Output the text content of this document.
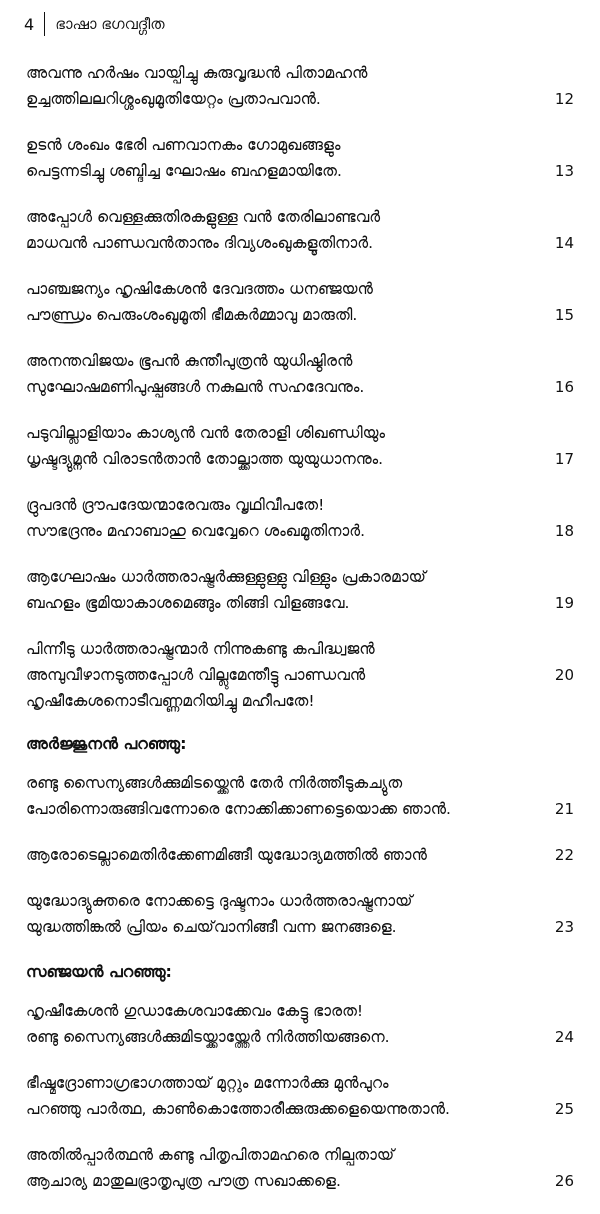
4 ഭാഷാ ഭഗവദ്ഗീത
അവന്നു ഹർഷം വായ്പിച്ചു കുരുവൃദ്ധൻ പിതാമഹൻ
ഉച്ചത്തിലലറിശ്ശംഖുമൂതിയേറ്റം പ്രതാപവാൻ.	12
ഉടൻ ശംഖം ഭേരി പണവാനകം ഗോമുഖങ്ങളും
പെട്ടന്നടിച്ചു ശബ്ദിച്ച ഘോഷം ബഹളമായിതേ.	13
അപ്പോൾ വെള്ളക്കുതിരകളുള്ള വൻ തേരിലാണ്ടവർ
മാധവൻ പാണ്ഡവൻതാനും ദിവ്യശംഖുകളൂതിനാർ.	14
പാഞ്ചജന്യം ഹൃഷികേശൻ ദേവദത്തം ധനഞ്ജയൻ
പൗണ്ഡ്രം പെരുംശംഖുമൂതി ഭീമകർമ്മാവു മാരുതി.	15
അനന്തവിജയം ഭൂപൻ കുന്തീപുത്രൻ യുധിഷ്ഠിരൻ
സുഘോഷമണിപുഷ്പങ്ങൾ നകുലൻ സഹദേവനും.	16
പടുവില്ലാളിയാം കാശ്യൻ വൻ തേരാളി ശിഖണ്ഡിയും
ധൃഷ്ടദ്യുമ്നൻ വിരാടൻതാൻ തോല്ക്കാത്ത യുയുധാനനും.	17
ദ്രുപദൻ ദ്രൗപദേയന്മാരേവരും വൃഥിവീപതേ!
സൗഭദ്രനും മഹാബാഹു വെവ്വേറെ ശംഖമൂതിനാർ.	18
ആഗ്ഘോഷം ധാർത്തരാഷ്ട്രർക്കുള്ളുള്ളു വിള്ളും പ്രകാരമായ്
ബഹളം ഭൂമിയാകാശമെങ്ങും തിങ്ങി വിളങ്ങവേ.	19
പിന്നീടു ധാർത്തരാഷ്ട്രന്മാർ നിന്നുകണ്ടു കപിദ്ധ്വജൻ
അമ്പുവീഴാനടുത്തപ്പോൾ വില്ലുമേന്തീട്ടു പാണ്ഡവൻ
ഹൃഷീകേശനൊടീവണ്ണമറിയിച്ചു മഹീപതേ!
20
അർജ്ജുനൻ പറഞ്ഞു:
രണ്ടു സൈന്യങ്ങൾക്കുമിടയ്ക്കെൻ തേർ നിർത്തീടുകച്യുത
പോരിന്നൊരുങ്ങിവന്നോരെ നോക്കിക്കാണട്ടെയൊക്ക ഞാൻ.	21
ആരോടെല്ലാമെതിർക്കേണമിങ്ങീ യുദ്ധോദ്യമത്തിൽ ഞാൻ	22
യുദ്ധോദ്യുക്തരെ നോക്കട്ടെ ദുഷ്ടനാം ധാർത്തരാഷ്ട്രനായ്
യുദ്ധത്തിങ്കൽ പ്രിയം ചെയ്‌വാനിങ്ങീ വന്ന ജനങ്ങളെ.	23
സഞ്ജയൻ പറഞ്ഞു:
ഹൃഷീകേശൻ ഗുഡാകേശവാക്കേവം കേട്ടു ഭാരത!
രണ്ടു സൈന്യങ്ങൾക്കുമിടയ്ക്കായ്ത്തേർ നിർത്തിയങ്ങനെ.	24
ഭീഷ്മദ്രോണാഗ്രഭാഗത്തായ് മുറ്റും മന്നോർക്കു മുൻപുറം
പറഞ്ഞു പാർത്ഥ, കാൺകൊത്തോരീക്കുരുക്കളെയെന്നുതാൻ.	25
അതിൽപ്പാർത്ഥൻ കണ്ടു പിതൃപിതാമഹരെ നില്പതായ്
ആചാര്യ മാതുലഭ്രാതൃപുത്ര പൗത്ര സഖാക്കളെ.	26
